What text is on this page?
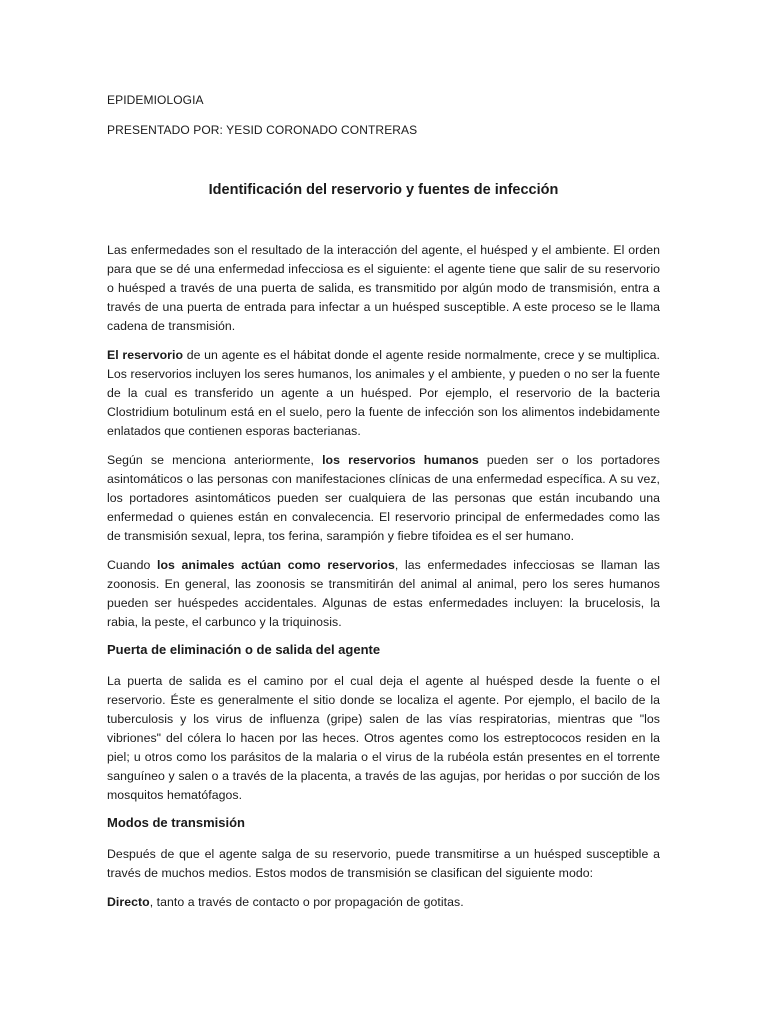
EPIDEMIOLOGIA

PRESENTADO POR: YESID CORONADO CONTRERAS

Identificación del reservorio y fuentes de infección

Las enfermedades son el resultado de la interacción del agente, el huésped y el ambiente. El orden para que se dé una enfermedad infecciosa es el siguiente: el agente tiene que salir de su reservorio o huésped a través de una puerta de salida, es transmitido por algún modo de transmisión, entra a través de una puerta de entrada para infectar a un huésped susceptible. A este proceso se le llama cadena de transmisión.

El reservorio de un agente es el hábitat donde el agente reside normalmente, crece y se multiplica. Los reservorios incluyen los seres humanos, los animales y el ambiente, y pueden o no ser la fuente de la cual es transferido un agente a un huésped. Por ejemplo, el reservorio de la bacteria Clostridium botulinum está en el suelo, pero la fuente de infección son los alimentos indebidamente enlatados que contienen esporas bacterianas.

Según se menciona anteriormente, los reservorios humanos pueden ser o los portadores asintomáticos o las personas con manifestaciones clínicas de una enfermedad específica. A su vez, los portadores asintomáticos pueden ser cualquiera de las personas que están incubando una enfermedad o quienes están en convalecencia. El reservorio principal de enfermedades como las de transmisión sexual, lepra, tos ferina, sarampión y fiebre tifoidea es el ser humano.

Cuando los animales actúan como reservorios, las enfermedades infecciosas se llaman las zoonosis. En general, las zoonosis se transmitirán del animal al animal, pero los seres humanos pueden ser huéspedes accidentales. Algunas de estas enfermedades incluyen: la brucelosis, la rabia, la peste, el carbunco y la triquinosis.

Puerta de eliminación o de salida del agente

La puerta de salida es el camino por el cual deja el agente al huésped desde la fuente o el reservorio. Éste es generalmente el sitio donde se localiza el agente. Por ejemplo, el bacilo de la tuberculosis y los virus de influenza (gripe) salen de las vías respiratorias, mientras que "los vibriones" del cólera lo hacen por las heces. Otros agentes como los estreptococos residen en la piel; u otros como los parásitos de la malaria o el virus de la rubéola están presentes en el torrente sanguíneo y salen o a través de la placenta, a través de las agujas, por heridas o por succión de los mosquitos hematófagos.

Modos de transmisión

Después de que el agente salga de su reservorio, puede transmitirse a un huésped susceptible a través de muchos medios. Estos modos de transmisión se clasifican del siguiente modo:

Directo, tanto a través de contacto o por propagación de gotitas.
